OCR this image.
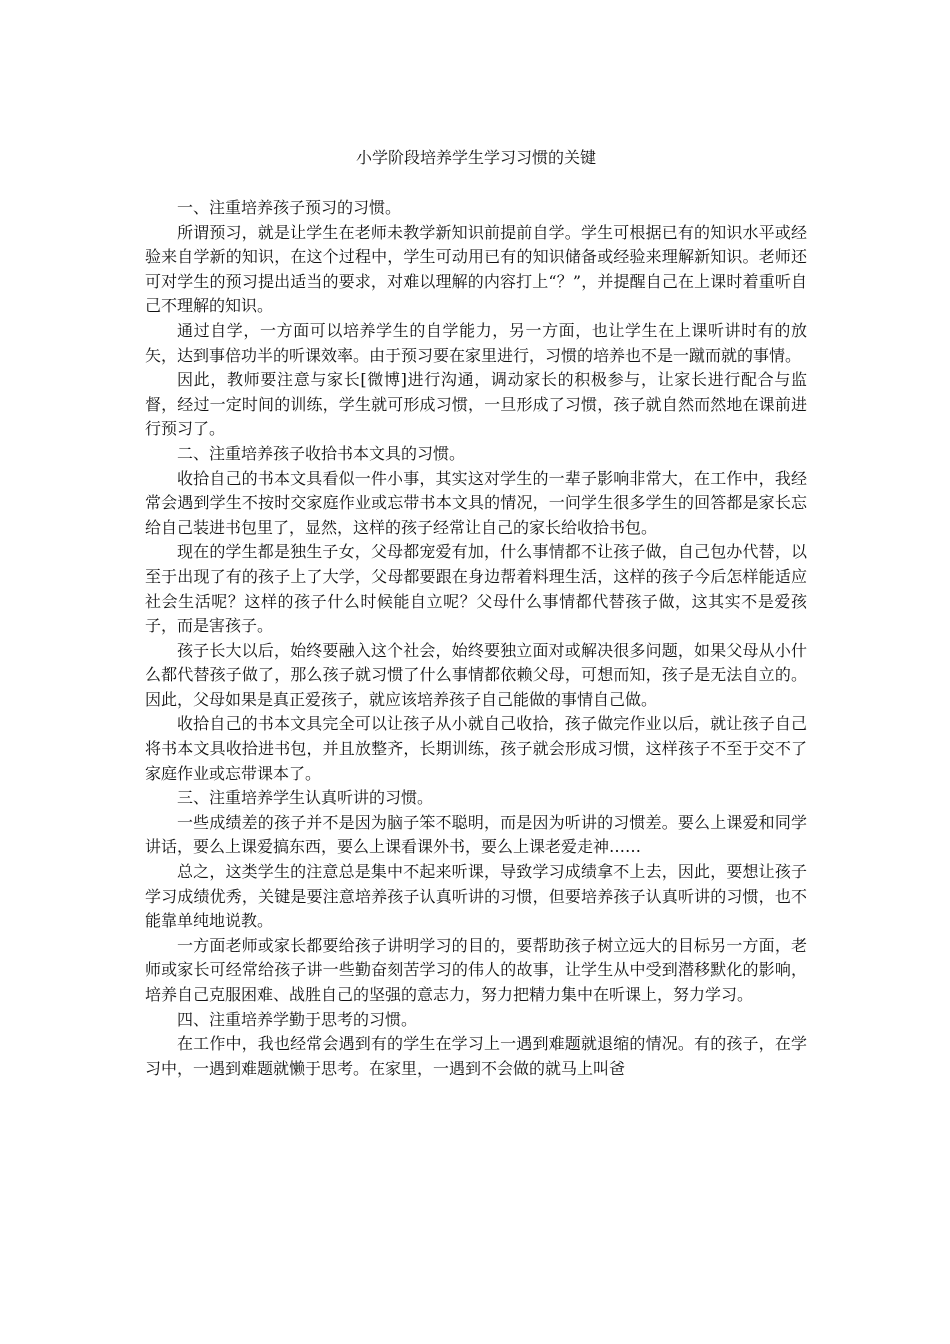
小学阶段培养学生学习习惯的关键

一、注重培养孩子预习的习惯。

所谓预习，就是让学生在老师未教学新知识前提前自学。学生可根据已有的知识水平或经验来自学新的知识，在这个过程中，学生可动用已有的知识储备或经验来理解新知识。老师还可对学生的预习提出适当的要求，对难以理解的内容打上“？”，并提醒自己在上课时着重听自己不理解的知识。

通过自学，一方面可以培养学生的自学能力，另一方面，也让学生在上课听讲时有的放矢，达到事倍功半的听课效率。由于预习要在家里进行，习惯的培养也不是一蹴而就的事情。

因此，教师要注意与家长[微博]进行沟通，调动家长的积极参与，让家长进行配合与监督，经过一定时间的训练，学生就可形成习惯，一旦形成了习惯，孩子就自然而然地在课前进行预习了。

二、注重培养孩子收拾书本文具的习惯。

收拾自己的书本文具看似一件小事，其实这对学生的一辈子影响非常大，在工作中，我经常会遇到学生不按时交家庭作业或忘带书本文具的情况，一问学生很多学生的回答都是家长忘给自己装进书包里了，显然，这样的孩子经常让自己的家长给收拾书包。

现在的学生都是独生子女，父母都宠爱有加，什么事情都不让孩子做，自己包办代替，以至于出现了有的孩子上了大学，父母都要跟在身边帮着料理生活，这样的孩子今后怎样能适应社会生活呢？这样的孩子什么时候能自立呢？父母什么事情都代替孩子做，这其实不是爱孩子，而是害孩子。

孩子长大以后，始终要融入这个社会，始终要独立面对或解决很多问题，如果父母从小什么都代替孩子做了，那么孩子就习惯了什么事情都依赖父母，可想而知，孩子是无法自立的。因此，父母如果是真正爱孩子，就应该培养孩子自己能做的事情自己做。

收拾自己的书本文具完全可以让孩子从小就自己收拾，孩子做完作业以后，就让孩子自己将书本文具收拾进书包，并且放整齐，长期训练，孩子就会形成习惯，这样孩子不至于交不了家庭作业或忘带课本了。

三、注重培养学生认真听讲的习惯。

一些成绩差的孩子并不是因为脑子笨不聪明，而是因为听讲的习惯差。要么上课爱和同学讲话，要么上课爱搞东西，要么上课看课外书，要么上课老爱走神……

总之，这类学生的注意总是集中不起来听课，导致学习成绩拿不上去，因此，要想让孩子学习成绩优秀，关键是要注意培养孩子认真听讲的习惯，但要培养孩子认真听讲的习惯，也不能靠单纯地说教。

一方面老师或家长都要给孩子讲明学习的目的，要帮助孩子树立远大的目标另一方面，老师或家长可经常给孩子讲一些勤奋刻苦学习的伟人的故事，让学生从中受到潜移默化的影响，培养自己克服困难、战胜自己的坚强的意志力，努力把精力集中在听课上，努力学习。

四、注重培养学勤于思考的习惯。

在工作中，我也经常会遇到有的学生在学习上一遇到难题就退缩的情况。有的孩子，在学习中，一遇到难题就懒于思考。在家里，一遇到不会做的就马上叫爸
